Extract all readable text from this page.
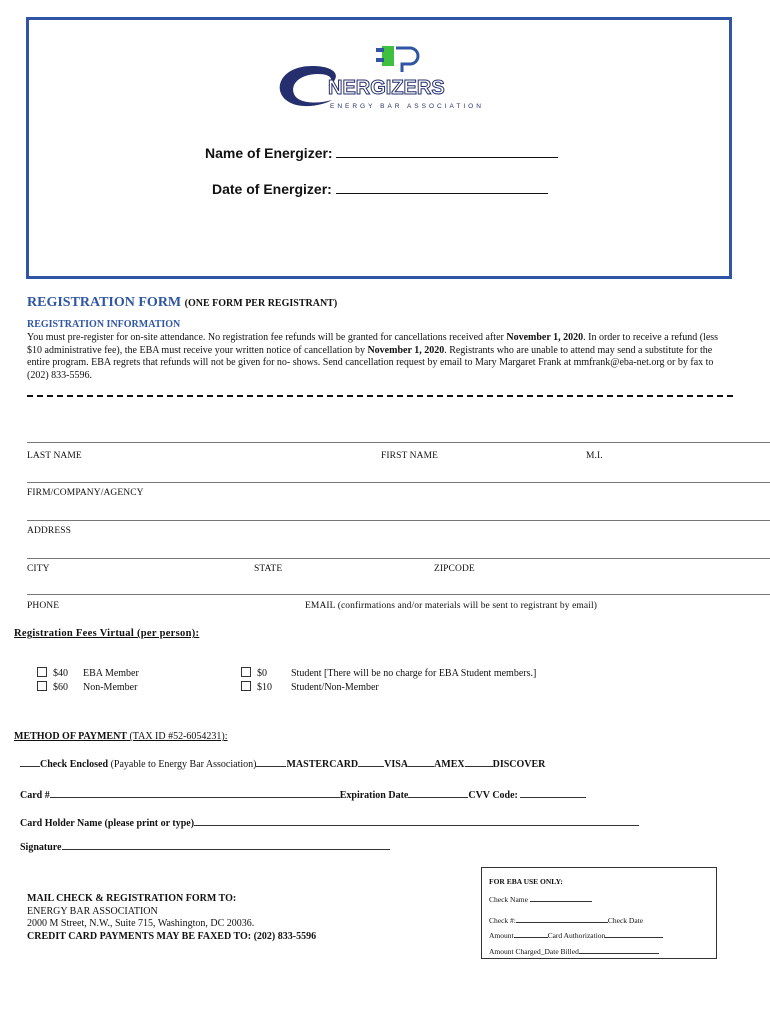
NERGIZERS
ENERGY BAR ASSOCIATION
Name of Energizer:
Date of Energizer:
REGISTRATION FORM (ONE FORM PER REGISTRANT)
REGISTRATION INFORMATION
You must pre-register for on-site attendance. No registration fee refunds will be granted for cancellations received after November 1, 2020. In order to receive a refund (less $10 administrative fee), the EBA must receive your written notice of cancellation by November 1, 2020. Registrants who are unable to attend may send a substitute for the entire program. EBA regrets that refunds will not be given for no- shows. Send cancellation request by email to Mary Margaret Frank at mmfrank@eba-net.org or by fax to (202) 833-5596.
LAST NAME	FIRST NAME	M.I.
FIRM/COMPANY/AGENCY
ADDRESS
CITY	STATE	ZIPCODE
PHONE	EMAIL (confirmations and/or materials will be sent to registrant by email)
Registration Fees Virtual (per person):
$40 EBA Member
$60 Non-Member
$0 Student [There will be no charge for EBA Student members.]
$10 Student/Non-Member
METHOD OF PAYMENT (TAX ID #52-6054231):
Check Enclosed (Payable to Energy Bar Association)	MASTERCARD	VISA	AMEX	DISCOVER
Card #	Expiration Date	CVV Code:
Card Holder Name (please print or type)
Signature
MAIL CHECK & REGISTRATION FORM TO:
ENERGY BAR ASSOCIATION
2000 M Street, N.W., Suite 715, Washington, DC 20036.
CREDIT CARD PAYMENTS MAY BE FAXED TO: (202) 833-5596
FOR EBA USE ONLY:
Check Name
Check #:	Check Date
Amount	Card Authorization
Amount Charged_Date Billed
